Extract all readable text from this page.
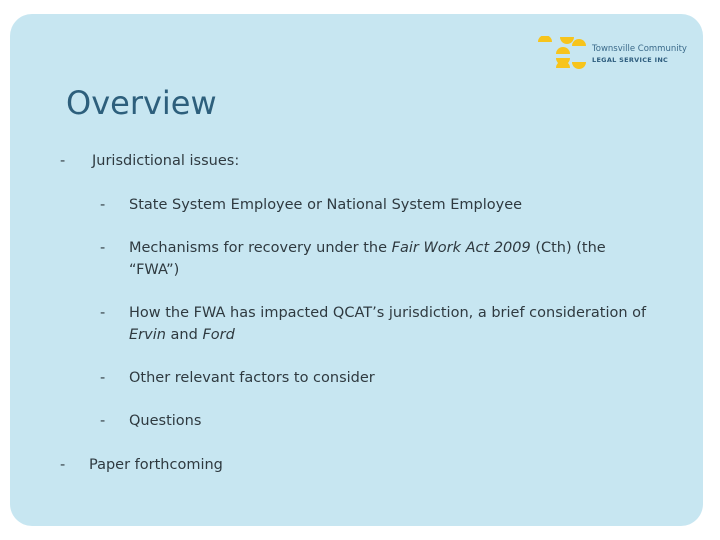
Townsville Community
LEGAL SERVICE INC
Overview
- Jurisdictional issues:
- State System Employee or National System Employee
- Mechanisms for recovery under the Fair Work Act 2009 (Cth) (the
“FWA”)
- How the FWA has impacted QCAT’s jurisdiction, a brief consideration of
Ervin and Ford
- Other relevant factors to consider
- Questions
- Paper forthcoming
